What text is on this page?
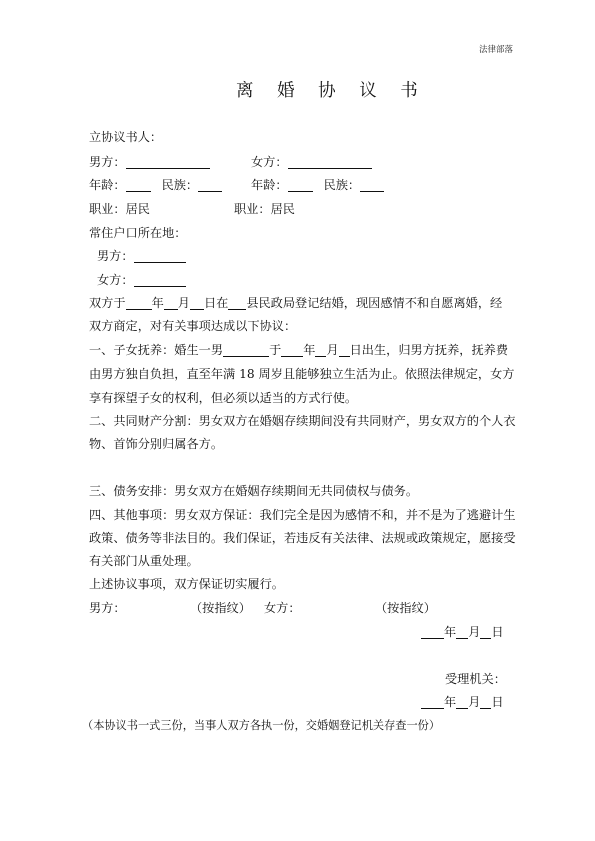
法律部落
离 婚 协 议 书
立协议书人：
男方：	女方：
年龄：	民族：	年龄：	民族：
职业：居民	职业：居民
常住户口所在地：
男方：
女方：
双方于 年 月 日在 县民政局登记结婚，现因感情不和自愿离婚，经
双方商定，对有关事项达成以下协议：
一、子女抚养：婚生一男	于 年 月 日出生，归男方抚养，抚养费
由男方独自负担，直至年满 18 周岁且能够独立生活为止。依照法律规定，女方
享有探望子女的权利，但必须以适当的方式行使。
二、共同财产分割：男女双方在婚姻存续期间没有共同财产，男女双方的个人衣
物、首饰分别归属各方。
三、债务安排：男女双方在婚姻存续期间无共同债权与债务。
四、其他事项：男女双方保证：我们完全是因为感情不和，并不是为了逃避计生
政策、债务等非法目的。我们保证，若违反有关法律、法规或政策规定，愿接受
有关部门从重处理。
上述协议事项，双方保证切实履行。
男方：	（按指纹） 女方：	（按指纹）
年 月 日
受理机关：
年 月 日
（本协议书一式三份，当事人双方各执一份，交婚姻登记机关存查一份）
